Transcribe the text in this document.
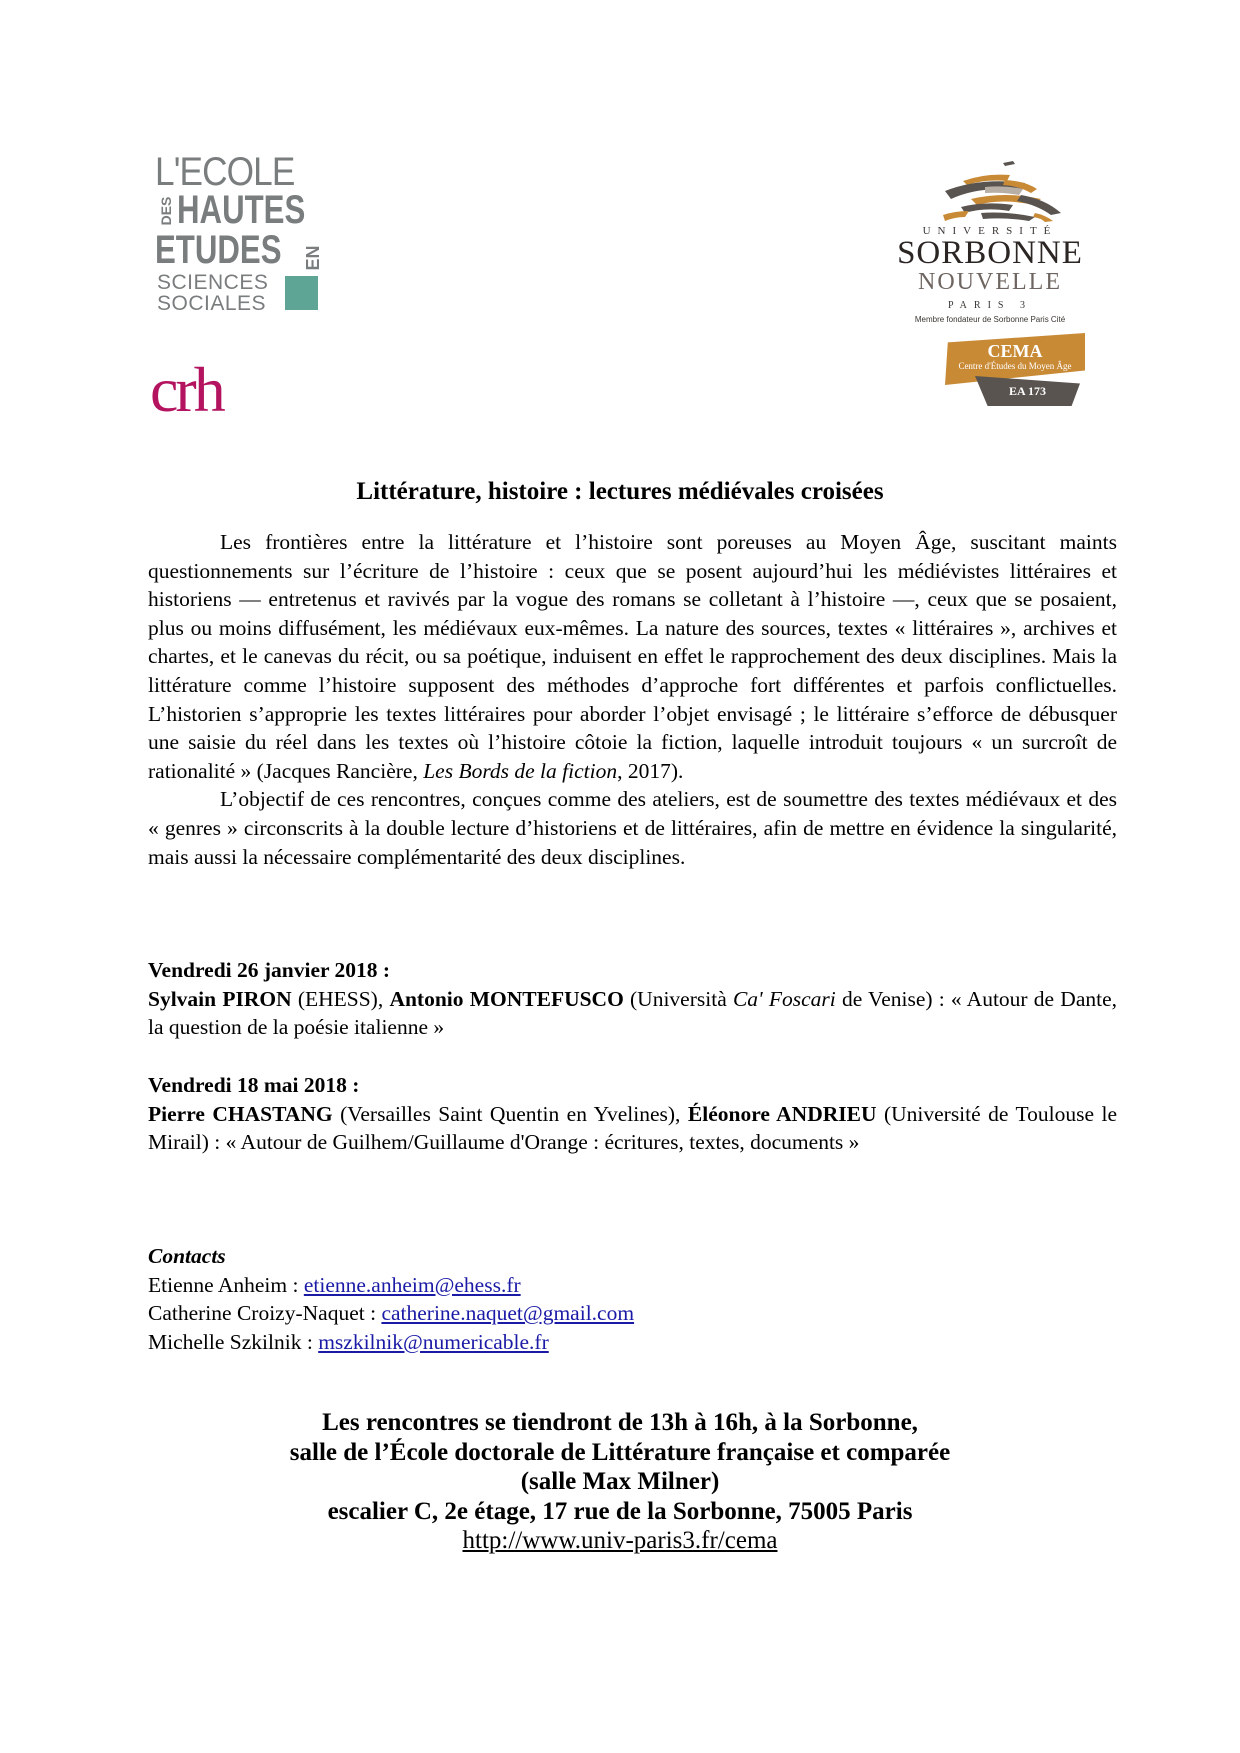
L'ECOLE
DES HAUTES
ETUDES EN
SCIENCES
SOCIALES
crh
UNIVERSITÉ
SORBONNE
NOUVELLE
PARIS 3
Membre fondateur de Sorbonne Paris Cité
CEMA
Centre d'Études du Moyen Âge
EA 173
Littérature, histoire : lectures médiévales croisées

Les frontières entre la littérature et l’histoire sont poreuses au Moyen Âge, suscitant maints questionnements sur l’écriture de l’histoire : ceux que se posent aujourd’hui les médiévistes littéraires et historiens — entretenus et ravivés par la vogue des romans se colletant à l’histoire —, ceux que se posaient, plus ou moins diffusément, les médiévaux eux-mêmes. La nature des sources, textes « littéraires », archives et chartes, et le canevas du récit, ou sa poétique, induisent en effet le rapprochement des deux disciplines. Mais la littérature comme l’histoire supposent des méthodes d’approche fort différentes et parfois conflictuelles. L’historien s’approprie les textes littéraires pour aborder l’objet envisagé ; le littéraire s’efforce de débusquer une saisie du réel dans les textes où l’histoire côtoie la fiction, laquelle introduit toujours « un surcroît de rationalité » (Jacques Rancière, Les Bords de la fiction, 2017).

L’objectif de ces rencontres, conçues comme des ateliers, est de soumettre des textes médiévaux et des « genres » circonscrits à la double lecture d’historiens et de littéraires, afin de mettre en évidence la singularité, mais aussi la nécessaire complémentarité des deux disciplines.

Vendredi 26 janvier 2018 :
Sylvain PIRON (EHESS), Antonio MONTEFUSCO (Università Ca' Foscari de Venise) : « Autour de Dante, la question de la poésie italienne »
Vendredi 18 mai 2018 :
Pierre CHASTANG (Versailles Saint Quentin en Yvelines), Éléonore ANDRIEU (Université de Toulouse le Mirail) : « Autour de Guilhem/Guillaume d'Orange : écritures, textes, documents »
Contacts
Etienne Anheim : etienne.anheim@ehess.fr
Catherine Croizy-Naquet : catherine.naquet@gmail.com
Michelle Szkilnik : mszkilnik@numericable.fr
Les rencontres se tiendront de 13h à 16h, à la Sorbonne,
salle de l’École doctorale de Littérature française et comparée
(salle Max Milner)
escalier C, 2e étage, 17 rue de la Sorbonne, 75005 Paris
http://www.univ-paris3.fr/cema
